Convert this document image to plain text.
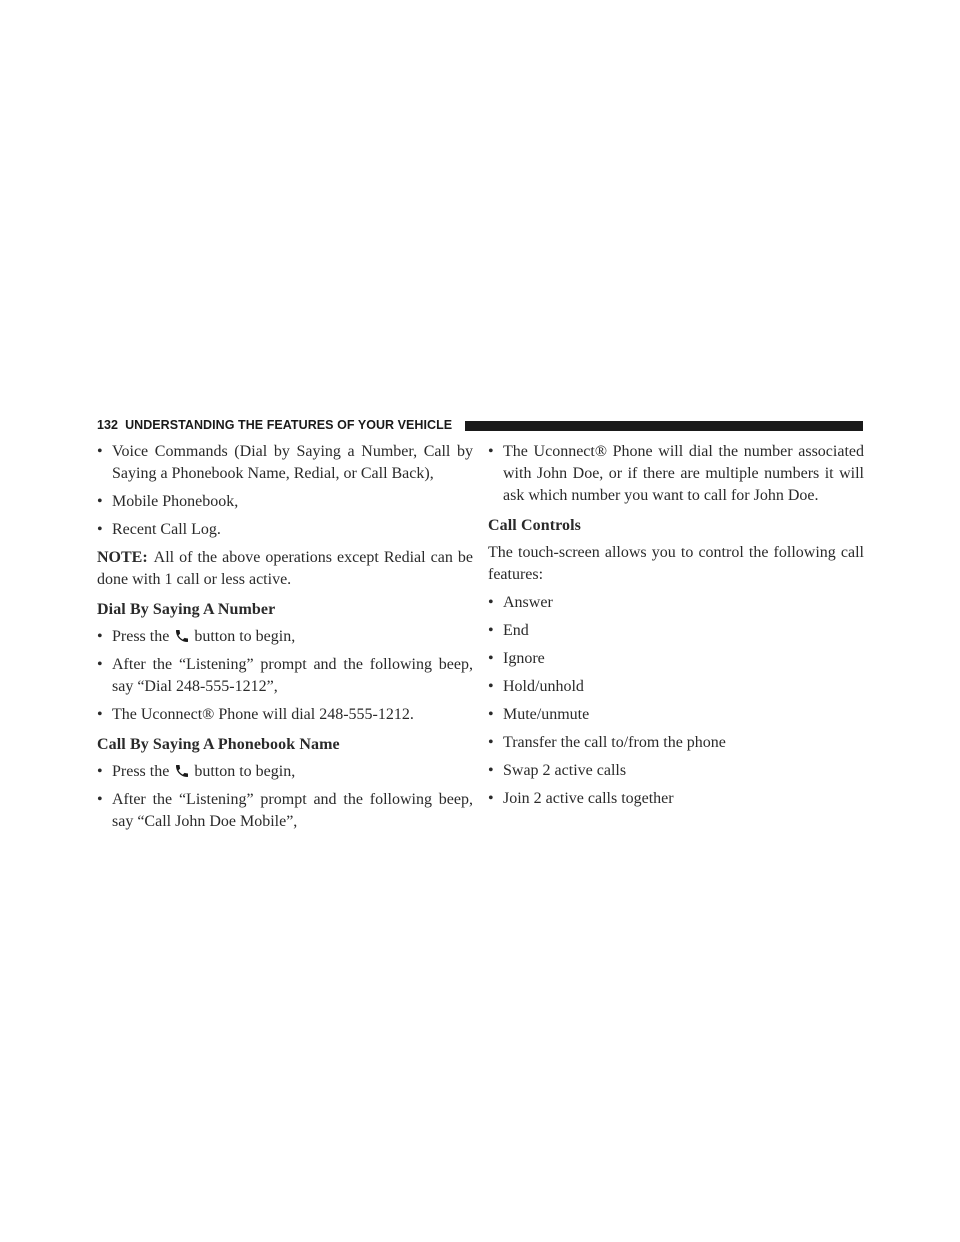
132 UNDERSTANDING THE FEATURES OF YOUR VEHICLE
• Voice Commands (Dial by Saying a Number, Call by Saying a Phonebook Name, Redial, or Call Back),
• Mobile Phonebook,
• Recent Call Log.

NOTE: All of the above operations except Redial can be done with 1 call or less active.

Dial By Saying A Number
• Press the button to begin,
• After the “Listening” prompt and the following beep, say “Dial 248-555-1212”,
• The Uconnect® Phone will dial 248-555-1212.
Call By Saying A Phonebook Name
• Press the button to begin,
• After the “Listening” prompt and the following beep, say “Call John Doe Mobile”,
• The Uconnect® Phone will dial the number associated with John Doe, or if there are multiple numbers it will ask which number you want to call for John Doe.
Call Controls

The touch-screen allows you to control the following call features:

• Answer
• End
• Ignore
• Hold/unhold
• Mute/unmute
• Transfer the call to/from the phone
• Swap 2 active calls
• Join 2 active calls together
